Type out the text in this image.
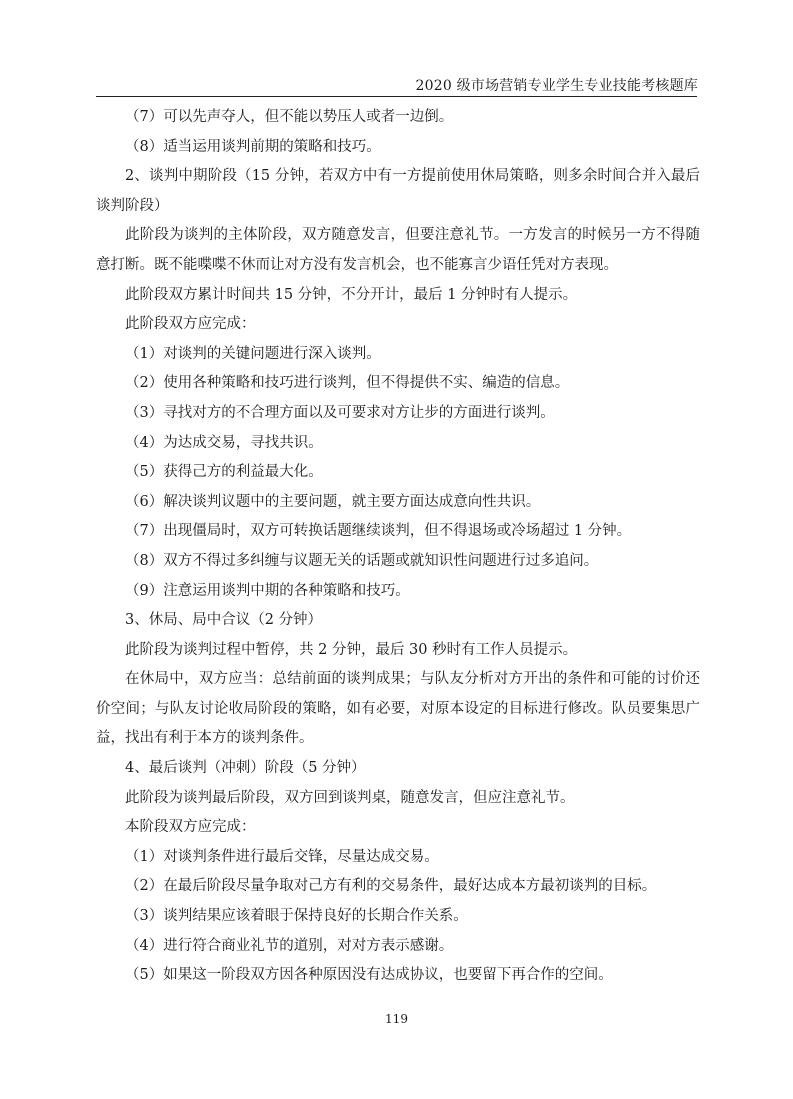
2020 级市场营销专业学生专业技能考核题库
（7）可以先声夺人，但不能以势压人或者一边倒。
（8）适当运用谈判前期的策略和技巧。
2、谈判中期阶段（15 分钟，若双方中有一方提前使用休局策略，则多余时间合并入最后谈判阶段）
此阶段为谈判的主体阶段，双方随意发言，但要注意礼节。一方发言的时候另一方不得随意打断。既不能喋喋不休而让对方没有发言机会，也不能寡言少语任凭对方表现。
此阶段双方累计时间共 15 分钟，不分开计，最后 1 分钟时有人提示。
此阶段双方应完成：
（1）对谈判的关键问题进行深入谈判。
（2）使用各种策略和技巧进行谈判，但不得提供不实、编造的信息。
（3）寻找对方的不合理方面以及可要求对方让步的方面进行谈判。
（4）为达成交易，寻找共识。
（5）获得己方的利益最大化。
（6）解决谈判议题中的主要问题，就主要方面达成意向性共识。
（7）出现僵局时，双方可转换话题继续谈判，但不得退场或冷场超过 1 分钟。
（8）双方不得过多纠缠与议题无关的话题或就知识性问题进行过多追问。
（9）注意运用谈判中期的各种策略和技巧。
3、休局、局中合议（2 分钟）
此阶段为谈判过程中暂停，共 2 分钟，最后 30 秒时有工作人员提示。
在休局中，双方应当：总结前面的谈判成果；与队友分析对方开出的条件和可能的讨价还价空间；与队友讨论收局阶段的策略，如有必要，对原本设定的目标进行修改。队员要集思广益，找出有利于本方的谈判条件。
4、最后谈判（冲刺）阶段（5 分钟）
此阶段为谈判最后阶段，双方回到谈判桌，随意发言，但应注意礼节。
本阶段双方应完成：
（1）对谈判条件进行最后交锋，尽量达成交易。
（2）在最后阶段尽量争取对己方有利的交易条件，最好达成本方最初谈判的目标。
（3）谈判结果应该着眼于保持良好的长期合作关系。
（4）进行符合商业礼节的道别，对对方表示感谢。
（5）如果这一阶段双方因各种原因没有达成协议，也要留下再合作的空间。
119
